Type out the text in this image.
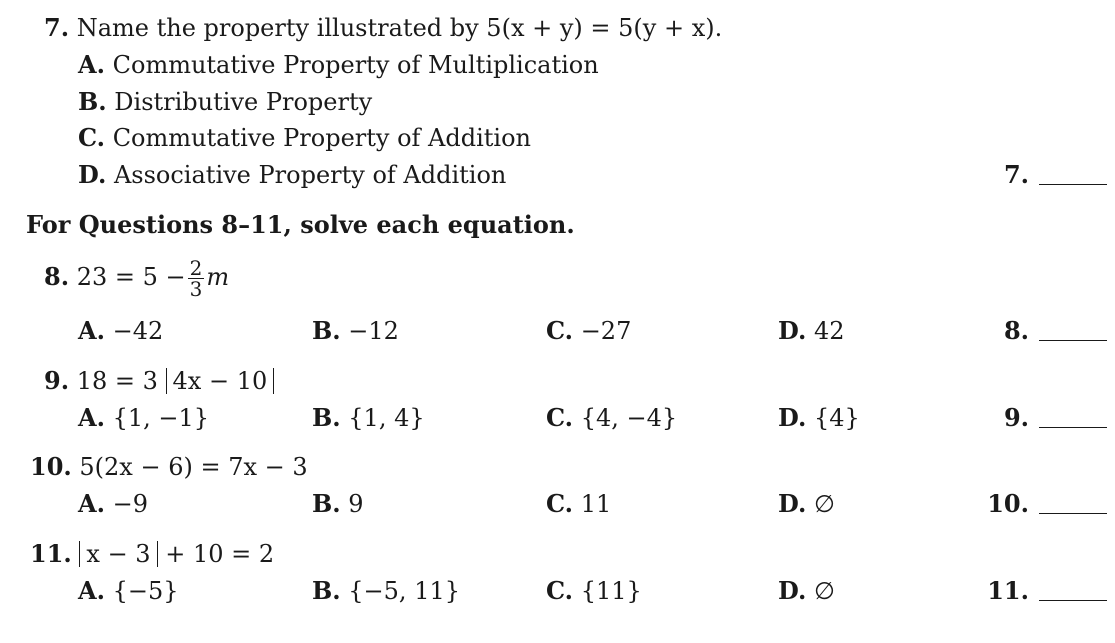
7. Name the property illustrated by 5(x + y) = 5(y + x).
A. Commutative Property of Multiplication
B. Distributive Property
C. Commutative Property of Addition
D. Associative Property of Addition	7.
For Questions 8–11, solve each equation.
8. $23 = 5 - \frac{2}{3}$ m
A. −42	B. −12	C. −27	D. 42	8.
9. 18 = 3 4x − 10
A. {1, −1}	B. {1, 4}	C. {4, −4}	D. {4}	9.
10. 5(2x − 6) = 7x − 3
A. −9	B. 9	C. 11	D. ∅	10.
11. x − 3 + 10 = 2
A. {−5}	B. {−5, 11}	C. {11}	D. ∅	11.
